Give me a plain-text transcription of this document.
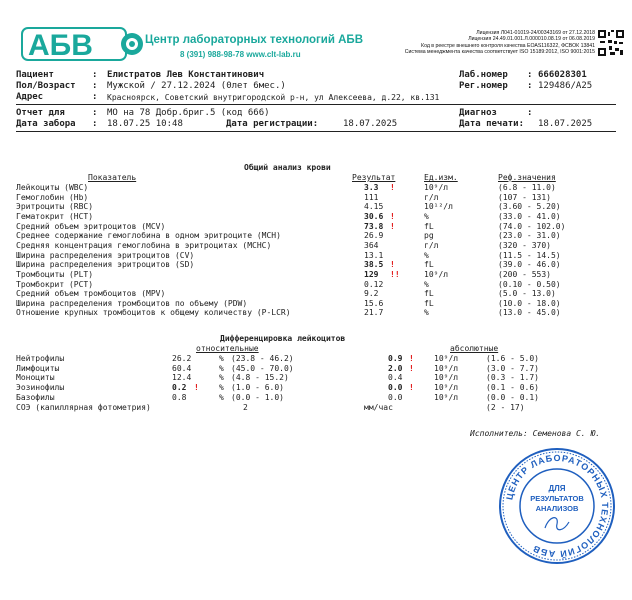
АБВ	Центр лабораторных технологий АБВ
8 (391) 988-98-78 www.clt-lab.ru
Лицензия Л041-01019-24/00343169 от 27.12.2018
Лицензия 24.49.01.001.Л.000010.08.19 от 06.08.2019
Код в реестре внешнего контроля качества ЕОАS116322, ФСВОК 13841
Система менеджмента качества соответствует ISO 15189:2012, ISO 9001:2015
Пациент	: Елистратов Лев Константинович
Пол/Возраст : Мужской / 27.12.2024 (0лет 6мес.)
Адрес	: Красноярск, Советский внутригородской р-н, ул Алексеева, д.22, кв.131
Лаб.номер : 666028301
Рег.номер : 129486/А25
Отчет для	: МО на 78 Добр.бриг.5 (код 666)	Диагноз	:
Дата забора : 18.07.25 10:48	Дата регистрации:	18.07.2025	Дата печати: 18.07.2025
Общий анализ крови
Показатель	Результат	Ед.изм.	Реф.значения
Лейкоциты (WBC)	3.3 !	10⁹/л	(6.8 - 11.0)
Гемоглобин (Hb)	111	г/л	(107 - 131)
Эритроциты (RBC)	4.15	10¹²/л	(3.60 - 5.20)
Гематокрит (HCT)	30.6 !	%	(33.0 - 41.0)
Средний объем эритроцитов (MCV)	73.8 !	fL	(74.0 - 102.0)
Среднее содержание гемоглобина в одном эритроците (MCH)	26.9	pg	(23.0 - 31.0)
Средняя концентрация гемоглобина в эритроцитах (MCHC)	364	г/л	(320 - 370)
Ширина распределения эритроцитов (CV)	13.1	%	(11.5 - 14.5)
Ширина распределения эритроцитов (SD)	38.5 !	fL	(39.0 - 46.0)
Тромбоциты (PLT)	129 !!	10⁹/л	(200 - 553)
Тромбокрит (PCT)	0.12	%	(0.10 - 0.50)
Средний объем тромбоцитов (MPV)	9.2	fL	(5.0 - 13.0)
Ширина распределения тромбоцитов по объему (PDW)	15.6	fL	(10.0 - 18.0)
Отношение крупных тромбоцитов к общему количеству (P-LCR)	21.7	%	(13.0 - 45.0)
Дифференцировка лейкоцитов
относительные	абсолютные
Нейтрофилы	26.2	% (23.8 - 46.2)	0.9 !	10⁹/л	(1.6 - 5.0)
Лимфоциты	60.4	% (45.0 - 70.0)	2.0 !	10⁹/л	(3.0 - 7.7)
Моноциты	12.4	% (4.8 - 15.2)	0.4	10⁹/л	(0.3 - 1.7)
Эозинофилы	0.2 !	% (1.0 - 6.0)	0.0 !	10⁹/л	(0.1 - 0.6)
Базофилы	0.8	% (0.0 - 1.0)	0.0	10⁹/л	(0.0 - 0.1)
СОЭ (капиллярная фотометрия)	2	мм/час	(2 - 17)
Исполнитель: Семенова С. Ю.
ЦЕНТР ЛАБОРАТОРНЫХ ТЕХНОЛОГИЙ АБВ
ДЛЯ
РЕЗУЛЬТАТОВ
АНАЛИЗОВ
